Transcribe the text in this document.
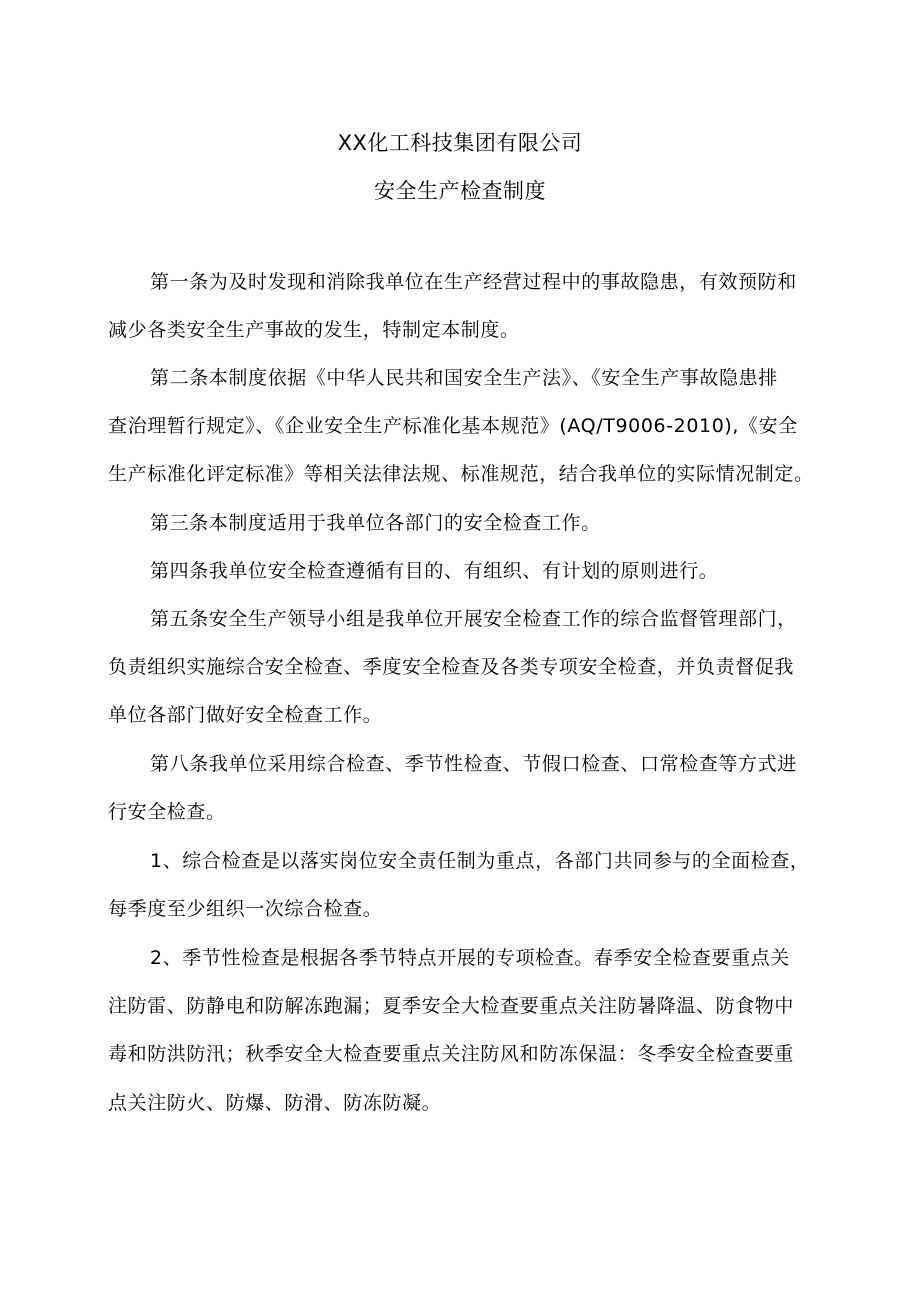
XX化工科技集团有限公司
安全生产检查制度
第一条为及时发现和消除我单位在生产经营过程中的事故隐患，有效预防和
减少各类安全生产事故的发生，特制定本制度。
第二条本制度依据《中华人民共和国安全生产法》、《安全生产事故隐患排
查治理暂行规定》、《企业安全生产标准化基本规范》(AQ/T9006-2010),《安全
生产标准化评定标准》等相关法律法规、标准规范，结合我单位的实际情况制定。
第三条本制度适用于我单位各部门的安全检查工作。
第四条我单位安全检查遵循有目的、有组织、有计划的原则进行。
第五条安全生产领导小组是我单位开展安全检查工作的综合监督管理部门，
负责组织实施综合安全检查、季度安全检查及各类专项安全检查，并负责督促我
单位各部门做好安全检查工作。
第八条我单位采用综合检查、季节性检查、节假口检查、口常检查等方式进
行安全检查。
1、综合检查是以落实岗位安全责任制为重点，各部门共同参与的全面检查，
每季度至少组织一次综合检查。
2、季节性检查是根据各季节特点开展的专项检查。春季安全检查要重点关
注防雷、防静电和防解冻跑漏；夏季安全大检查要重点关注防暑降温、防食物中
毒和防洪防汛；秋季安全大检查要重点关注防风和防冻保温：冬季安全检查要重
点关注防火、防爆、防滑、防冻防凝。
